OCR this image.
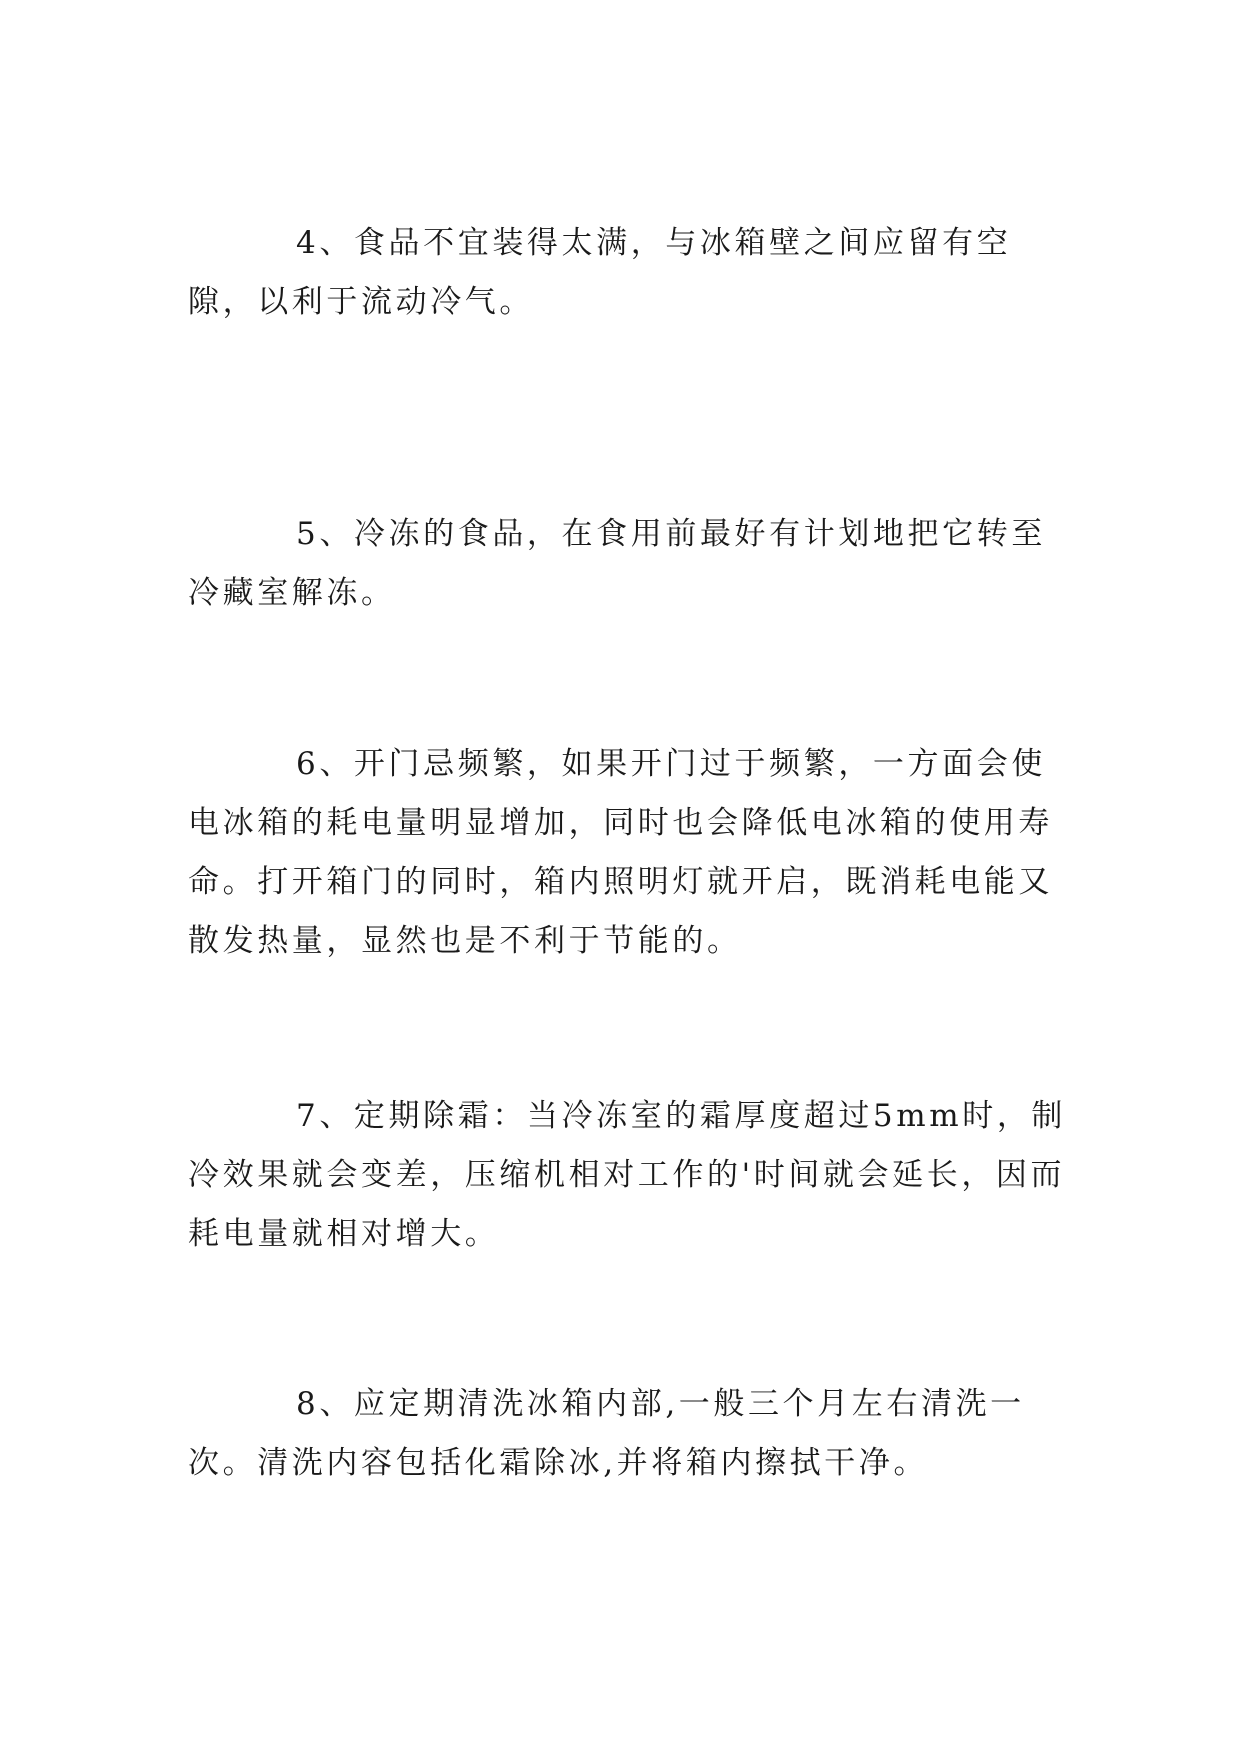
4、食品不宜装得太满，与冰箱壁之间应留有空隙，以利于流动冷气。

5、冷冻的食品，在食用前最好有计划地把它转至冷藏室解冻。

6、开门忌频繁，如果开门过于频繁，一方面会使电冰箱的耗电量明显增加，同时也会降低电冰箱的使用寿命。打开箱门的同时，箱内照明灯就开启，既消耗电能又散发热量，显然也是不利于节能的。

7、定期除霜：当冷冻室的霜厚度超过5mm时，制冷效果就会变差，压缩机相对工作的'时间就会延长，因而耗电量就相对增大。

8、应定期清洗冰箱内部,一般三个月左右清洗一次。清洗内容包括化霜除冰,并将箱内擦拭干净。
